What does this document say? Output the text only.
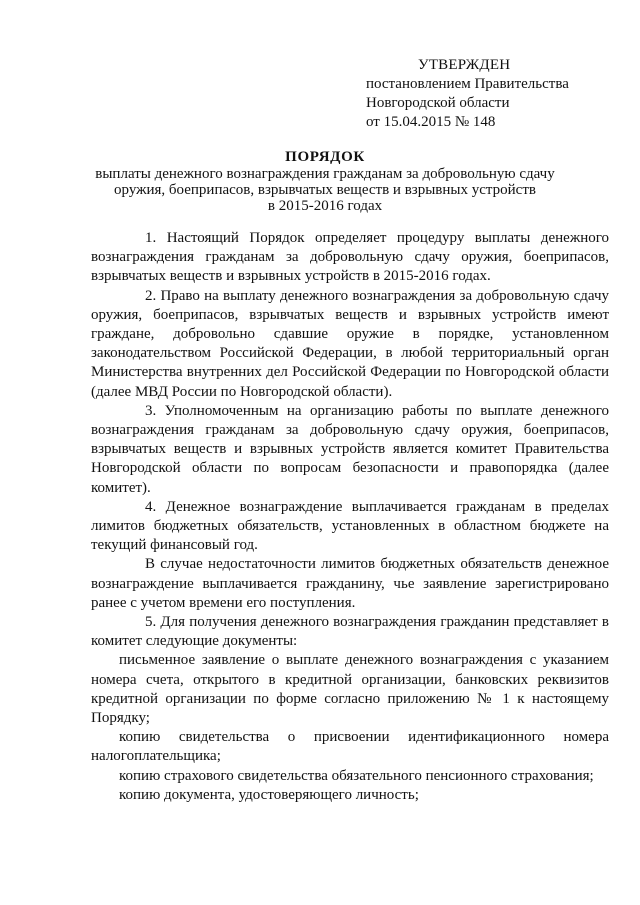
УТВЕРЖДЕН
постановлением Правительства
Новгородской области
от 15.04.2015 № 148
ПОРЯДОК
выплаты денежного вознаграждения гражданам за добровольную сдачу
оружия, боеприпасов, взрывчатых веществ и взрывных устройств
в 2015-2016 годах

1. Настоящий Порядок определяет процедуру выплаты денежного вознаграждения гражданам за добровольную сдачу оружия, боеприпасов, взрывчатых веществ и взрывных устройств в 2015-2016 годах.

2. Право на выплату денежного вознаграждения за добровольную сдачу оружия, боеприпасов, взрывчатых веществ и взрывных устройств имеют граждане, добровольно сдавшие оружие в порядке, установленном законодательством Российской Федерации, в любой территориальный орган Министерства внутренних дел Российской Федерации по Новгородской области (далее МВД России по Новгородской области).

3. Уполномоченным на организацию работы по выплате денежного вознаграждения гражданам за добровольную сдачу оружия, боеприпасов, взрывчатых веществ и взрывных устройств является комитет Правительства Новгородской области по вопросам безопасности и правопорядка (далее комитет).

4. Денежное вознаграждение выплачивается гражданам в пределах лимитов бюджетных обязательств, установленных в областном бюджете на текущий финансовый год.

В случае недостаточности лимитов бюджетных обязательств денежное вознаграждение выплачивается гражданину, чье заявление зарегистрировано ранее с учетом времени его поступления.

5. Для получения денежного вознаграждения гражданин представляет в комитет следующие документы:

письменное заявление о выплате денежного вознаграждения с указанием номера счета, открытого в кредитной организации, банковских реквизитов кредитной организации по форме согласно приложению № 1 к настоящему Порядку;

копию свидетельства о присвоении идентификационного номера налогоплательщика;

копию страхового свидетельства обязательного пенсионного страхования;

копию документа, удостоверяющего личность;
